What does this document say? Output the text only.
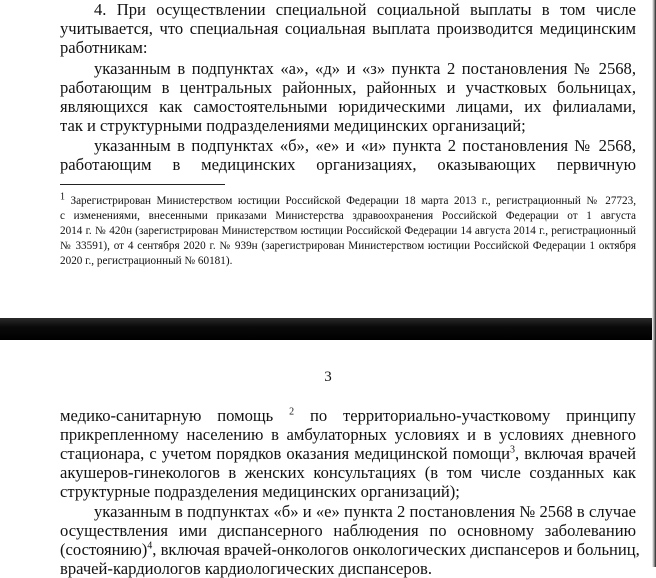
4. При осуществлении специальной социальной выплаты в том числе
учитывается, что специальная социальная выплата производится медицинским
работникам:
указанным в подпунктах «а», «д» и «з» пункта 2 постановления № 2568,
работающим в центральных районных, районных и участковых больницах,
являющихся как самостоятельными юридическими лицами, их филиалами,
так и структурными подразделениями медицинских организаций;
указанным в подпунктах «б», «е» и «и» пункта 2 постановления № 2568,
работающим в медицинских организациях, оказывающих первичную
$^1$ Зарегистрирован Министерством юстиции Российской Федерации 18 марта 2013 г., регистрационный № 27723,
с изменениями, внесенными приказами Министерства здравоохранения Российской Федерации от 1 августа
2014 г. № 420н (зарегистрирован Министерством юстиции Российской Федерации 14 августа 2014 г., регистрационный
№ 33591), от 4 сентября 2020 г. № 939н (зарегистрирован Министерством юстиции Российской Федерации 1 октября
2020 г., регистрационный № 60181).
3
медико-санитарную помощь $^2$ по территориально-участковому принципу
прикрепленному населению в амбулаторных условиях и в условиях дневного
стационара, с учетом порядков оказания медицинской помощи$^3$, включая врачей
акушеров-гинекологов в женских консультациях (в том числе созданных как
структурные подразделения медицинских организаций);
указанным в подпунктах «б» и «е» пункта 2 постановления № 2568 в случае
осуществления ими диспансерного наблюдения по основному заболеванию
(состоянию)$^4$, включая врачей-онкологов онкологических диспансеров и больниц,
врачей-кардиологов кардиологических диспансеров.
